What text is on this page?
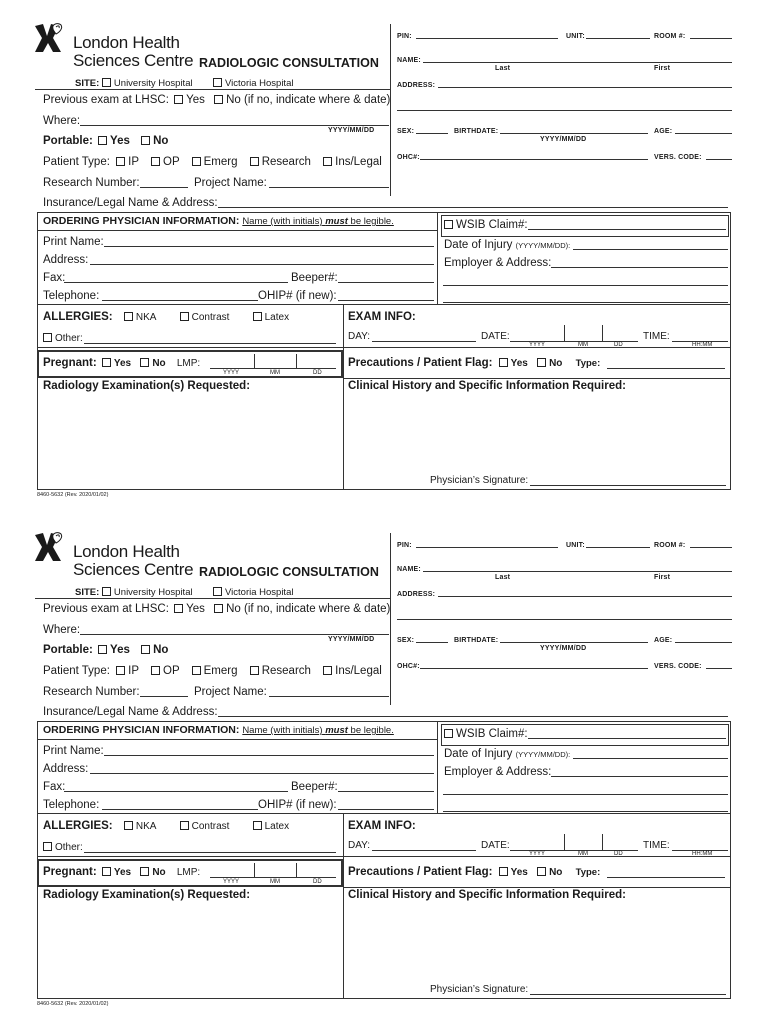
London Health
Sciences Centre RADIOLOGIC CONSULTATION
SITE: University Hospital	Victoria Hospital
PIN:	UNIT:	ROOM #:
NAME:
Last	First
ADDRESS:
SEX:	BIRTHDATE:
YYYY/MM/DD
AGE:
OHC#:	VERS. CODE:
Previous exam at LHSC: Yes No (if no, indicate where & date)
Where:
YYYY/MM/DD
Portable: Yes No
Patient Type: IP OP Emerg Research Ins/Legal
Research Number:	Project Name:
Insurance/Legal Name & Address:
ORDERING PHYSICIAN INFORMATION: Name (with initials) must be legible.
Print Name:
Address:
Fax:	Beeper#:
Telephone:	OHIP# (if new):
WSIB Claim#:
Date of Injury (YYYY/MM/DD):
Employer & Address:
ALLERGIES: NKA	Contrast	Latex
Other:
EXAM INFO:
DAY:	DATE:
YYYY	MM	DD
TIME:
HH:MM
Pregnant: Yes No LMP:
YYYY	MM	DD
Precautions / Patient Flag: Yes No Type:
Radiology Examination(s) Requested:	Clinical History and Specific Information Required:
Physician’s Signature:
8460-5632 (Rev. 2020/01/02)
London Health
Sciences Centre RADIOLOGIC CONSULTATION
SITE: University Hospital	Victoria Hospital
PIN:	UNIT:	ROOM #:
NAME:
Last	First
ADDRESS:
SEX:	BIRTHDATE:
YYYY/MM/DD
AGE:
OHC#:	VERS. CODE:
Previous exam at LHSC: Yes No (if no, indicate where & date)
Where:
YYYY/MM/DD
Portable: Yes No
Patient Type: IP OP Emerg Research Ins/Legal
Research Number:	Project Name:
Insurance/Legal Name & Address:
ORDERING PHYSICIAN INFORMATION: Name (with initials) must be legible.
Print Name:
Address:
Fax:	Beeper#:
Telephone:	OHIP# (if new):
WSIB Claim#:
Date of Injury (YYYY/MM/DD):
Employer & Address:
ALLERGIES: NKA	Contrast	Latex
Other:
EXAM INFO:
DAY:	DATE:
YYYY	MM	DD
TIME:
HH:MM
Pregnant: Yes No LMP:
YYYY	MM	DD
Precautions / Patient Flag: Yes No Type:
Radiology Examination(s) Requested:	Clinical History and Specific Information Required:
Physician’s Signature:
8460-5632 (Rev. 2020/01/02)
